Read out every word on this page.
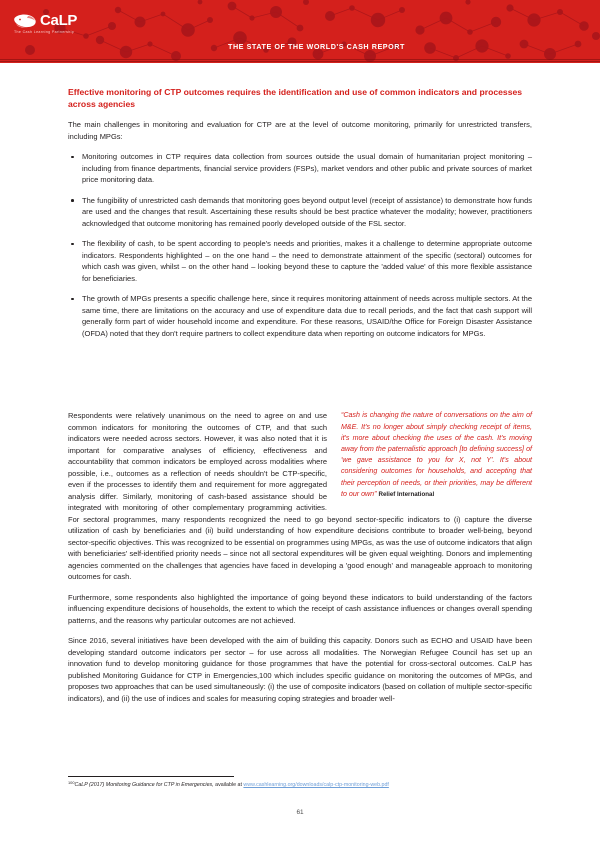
CaLP
The Cash Learning Partnership
THE STATE OF THE WORLD'S CASH REPORT
Effective monitoring of CTP outcomes requires the identification and use of common indicators and processes across agencies

The main challenges in monitoring and evaluation for CTP are at the level of outcome monitoring, primarily for unrestricted transfers, including MPGs:

Monitoring outcomes in CTP requires data collection from sources outside the usual domain of humanitarian project monitoring – including from finance departments, financial service providers (FSPs), market vendors and other public and private sources of market price monitoring data.
The fungibility of unrestricted cash demands that monitoring goes beyond output level (receipt of assistance) to demonstrate how funds are used and the changes that result. Ascertaining these results should be best practice whatever the modality; however, practitioners acknowledged that outcome monitoring has remained poorly developed outside of the FSL sector.
The flexibility of cash, to be spent according to people's needs and priorities, makes it a challenge to determine appropriate outcome indicators. Respondents highlighted – on the one hand – the need to demonstrate attainment of the specific (sectoral) outcomes for which cash was given, whilst – on the other hand – looking beyond these to capture the 'added value' of this more flexible assistance for beneficiaries.
The growth of MPGs presents a specific challenge here, since it requires monitoring attainment of needs across multiple sectors. At the same time, there are limitations on the accuracy and use of expenditure data due to recall periods, and the fact that cash support will generally form part of wider household income and expenditure. For these reasons, USAID/the Office for Foreign Disaster Assistance (OFDA) noted that they don't require partners to collect expenditure data when reporting on outcome indicators for MPGs.

“Cash is changing the nature of conversations on the aim of M&E. It's no longer about simply checking receipt of items, it's more about checking the uses of the cash. It's moving away from the paternalistic approach [to defining success] of 'we gave assistance to you for X, not Y'. It's about considering outcomes for households, and accepting that their perception of needs, or their priorities, may be different to our own” Relief International

Respondents were relatively unanimous on the need to agree on and use common indicators for monitoring the outcomes of CTP, and that such indicators were needed across sectors. However, it was also noted that it is important for comparative analyses of efficiency, effectiveness and accountability that common indicators be employed across modalities where possible, i.e., outcomes as a reflection of needs shouldn't be CTP-specific, even if the processes to identify them and requirement for more aggregated analysis differ. Similarly, monitoring of cash-based assistance should be integrated with monitoring of other complementary programming activities. For sectoral programmes, many respondents recognized the need to go beyond sector-specific indicators to (i) capture the diverse utilization of cash by beneficiaries and (ii) build understanding of how expenditure decisions contribute to broader well-being, beyond sector-specific objectives. This was recognized to be essential on programmes using MPGs, as was the use of outcome indicators that align with beneficiaries' self-identified priority needs – since not all sectoral expenditures will be given equal weighting. Donors and implementing agencies commented on the challenges that agencies have faced in developing a 'good enough' and manageable approach to monitoring outcomes for cash.

Furthermore, some respondents also highlighted the importance of going beyond these indicators to build understanding of the factors influencing expenditure decisions of households, the extent to which the receipt of cash assistance influences or changes overall spending patterns, and the reasons why particular outcomes are not achieved.

Since 2016, several initiatives have been developed with the aim of building this capacity. Donors such as ECHO and USAID have been developing standard outcome indicators per sector – for use across all modalities. The Norwegian Refugee Council has set up an innovation fund to develop monitoring guidance for those programmes that have the potential for cross-sectoral outcomes. CaLP has published Monitoring Guidance for CTP in Emergencies,100 which includes specific guidance on monitoring the outcomes of MPGs, and proposes two approaches that can be used simultaneously: (i) the use of composite indicators (based on collation of multiple sector-specific indicators), and (ii) the use of indices and scales for measuring coping strategies and broader well-

$^{100}$CaLP (2017) Monitoring Guidance for CTP in Emergencies, available at www.cashlearning.org/downloads/calp-ctp-monitoring-web.pdf
61
